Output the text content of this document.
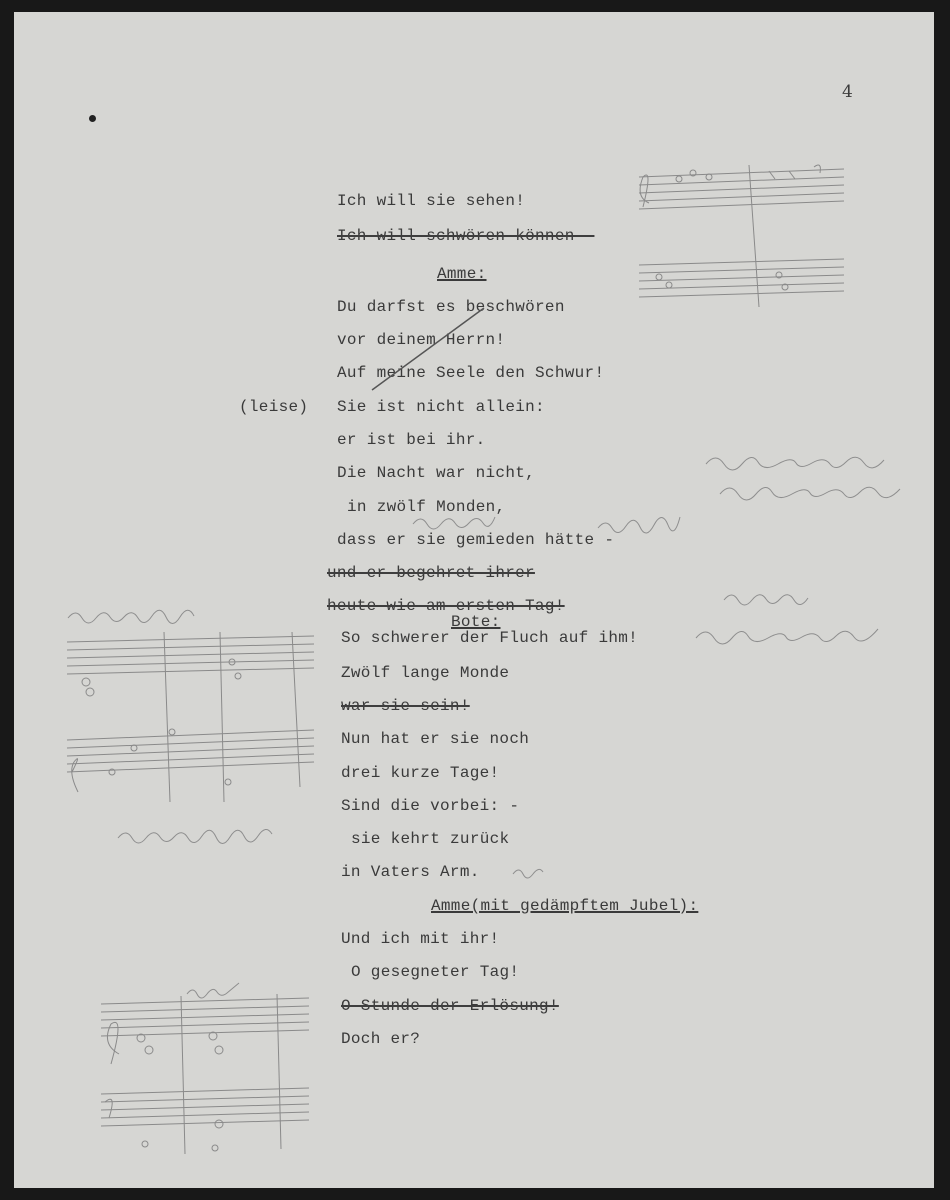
4
(leise)
Ich will sie sehen!
Ich will schwören können -
Amme:
Du darfst es beschwören
vor deinem Herrn!
Auf meine Seele den Schwur!
Sie ist nicht allein:
er ist bei ihr.
Die Nacht war nicht,
in zwölf Monden,
dass er sie gemieden hätte -
und er begehret ihrer
heute wie am ersten Tag!
Bote:
So schwerer der Fluch auf ihm!
Zwölf lange Monde
war sie sein!
Nun hat er sie noch
drei kurze Tage!
Sind die vorbei: -
sie kehrt zurück
in Vaters Arm.
Amme(mit gedämpftem Jubel):
Und ich mit ihr!
O gesegneter Tag!
O Stunde der Erlösung!
Doch er?
